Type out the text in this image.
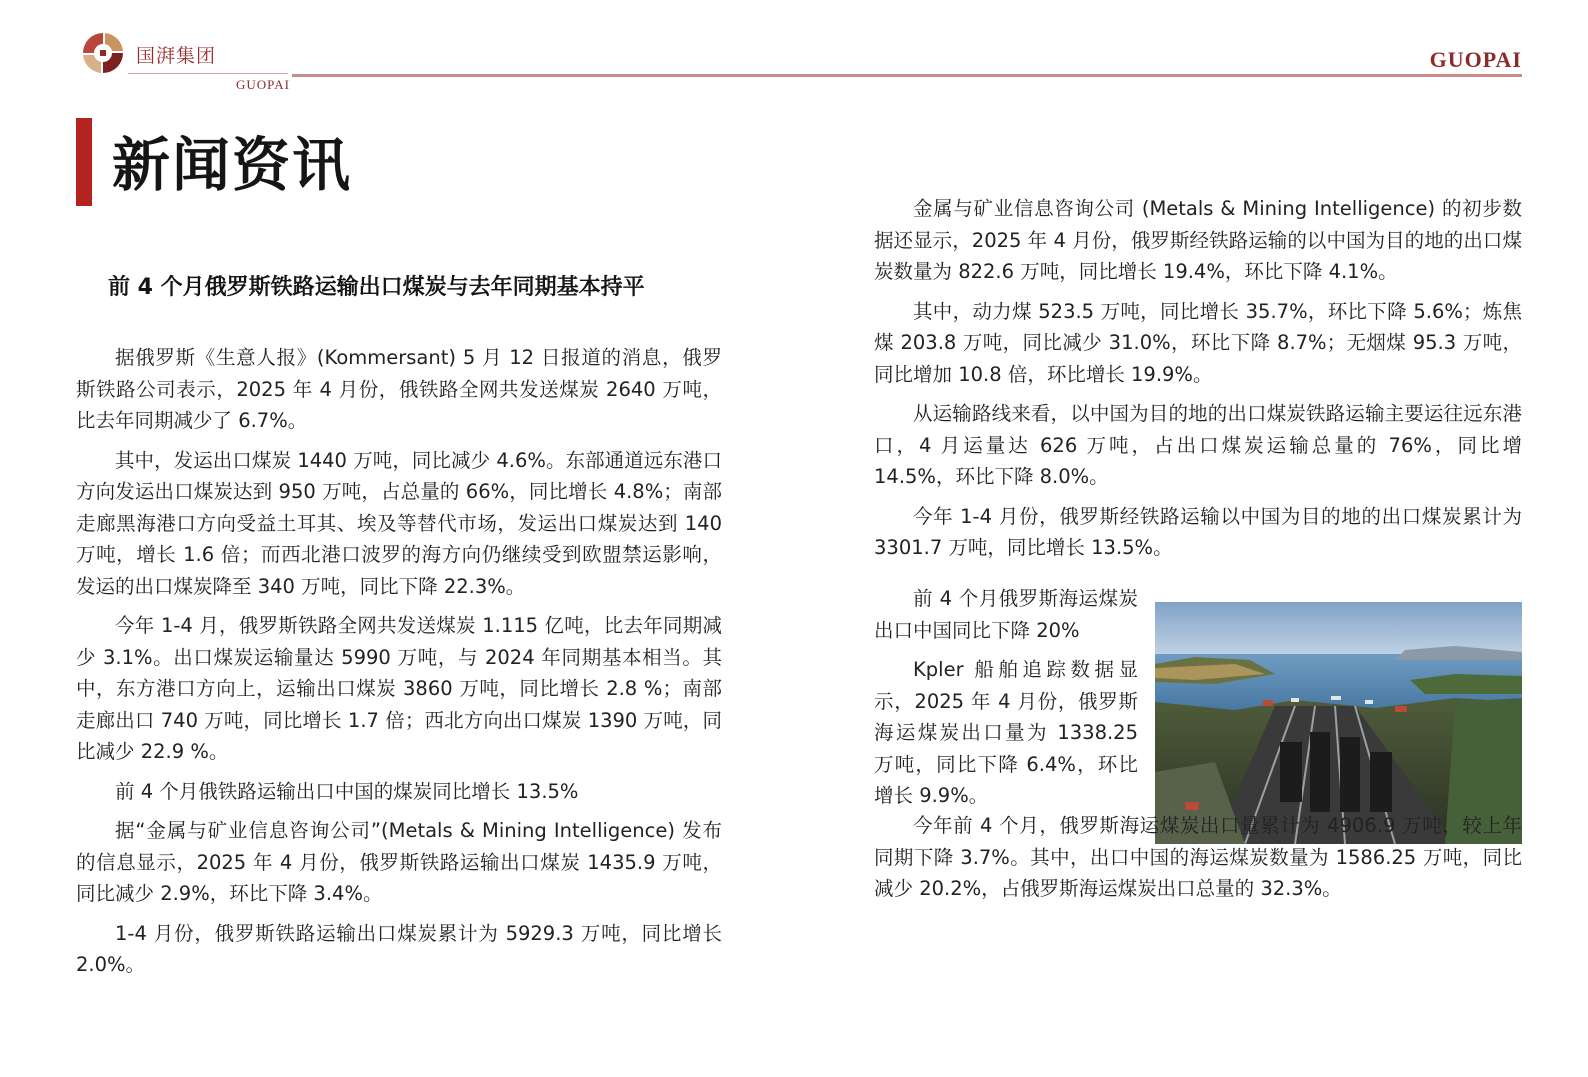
国湃集团
GUOPAI
GUOPAI
新闻资讯
前 4 个月俄罗斯铁路运输出口煤炭与去年同期基本持平

据俄罗斯《生意人报》(Kommersant) 5 月 12 日报道的消息，俄罗斯铁路公司表示，2025 年 4 月份，俄铁路全网共发送煤炭 2640 万吨，比去年同期减少了 6.7%。

其中，发运出口煤炭 1440 万吨，同比减少 4.6%。东部通道远东港口方向发运出口煤炭达到 950 万吨，占总量的 66%，同比增长 4.8%；南部走廊黑海港口方向受益土耳其、埃及等替代市场，发运出口煤炭达到 140 万吨，增长 1.6 倍；而西北港口波罗的海方向仍继续受到欧盟禁运影响，发运的出口煤炭降至 340 万吨，同比下降 22.3%。

今年 1-4 月，俄罗斯铁路全网共发送煤炭 1.115 亿吨，比去年同期减少 3.1%。出口煤炭运输量达 5990 万吨，与 2024 年同期基本相当。其中，东方港口方向上，运输出口煤炭 3860 万吨，同比增长 2.8 %；南部走廊出口 740 万吨，同比增长 1.7 倍；西北方向出口煤炭 1390 万吨，同比减少 22.9 %。

前 4 个月俄铁路运输出口中国的煤炭同比增长 13.5%

据“金属与矿业信息咨询公司”(Metals & Mining Intelligence) 发布的信息显示，2025 年 4 月份，俄罗斯铁路运输出口煤炭 1435.9 万吨，同比减少 2.9%，环比下降 3.4%。

1-4 月份，俄罗斯铁路运输出口煤炭累计为 5929.3 万吨，同比增长 2.0%。

金属与矿业信息咨询公司 (Metals & Mining Intelligence) 的初步数据还显示，2025 年 4 月份，俄罗斯经铁路运输的以中国为目的地的出口煤炭数量为 822.6 万吨，同比增长 19.4%，环比下降 4.1%。

其中，动力煤 523.5 万吨，同比增长 35.7%，环比下降 5.6%；炼焦煤 203.8 万吨，同比减少 31.0%，环比下降 8.7%；无烟煤 95.3 万吨，同比增加 10.8 倍，环比增长 19.9%。

从运输路线来看，以中国为目的地的出口煤炭铁路运输主要运往远东港口，4 月运量达 626 万吨，占出口煤炭运输总量的 76%，同比增 14.5%，环比下降 8.0%。

今年 1-4 月份，俄罗斯经铁路运输以中国为目的地的出口煤炭累计为 3301.7 万吨，同比增长 13.5%。

前 4 个月俄罗斯海运煤炭出口中国同比下降 20%

Kpler 船舶追踪数据显示，2025 年 4 月份，俄罗斯海运煤炭出口量为 1338.25 万吨，同比下降 6.4%，环比增长 9.9%。

今年前 4 个月，俄罗斯海运煤炭出口量累计为 4906.9 万吨，较上年同期下降 3.7%。其中，出口中国的海运煤炭数量为 1586.25 万吨，同比减少 20.2%，占俄罗斯海运煤炭出口总量的 32.3%。
